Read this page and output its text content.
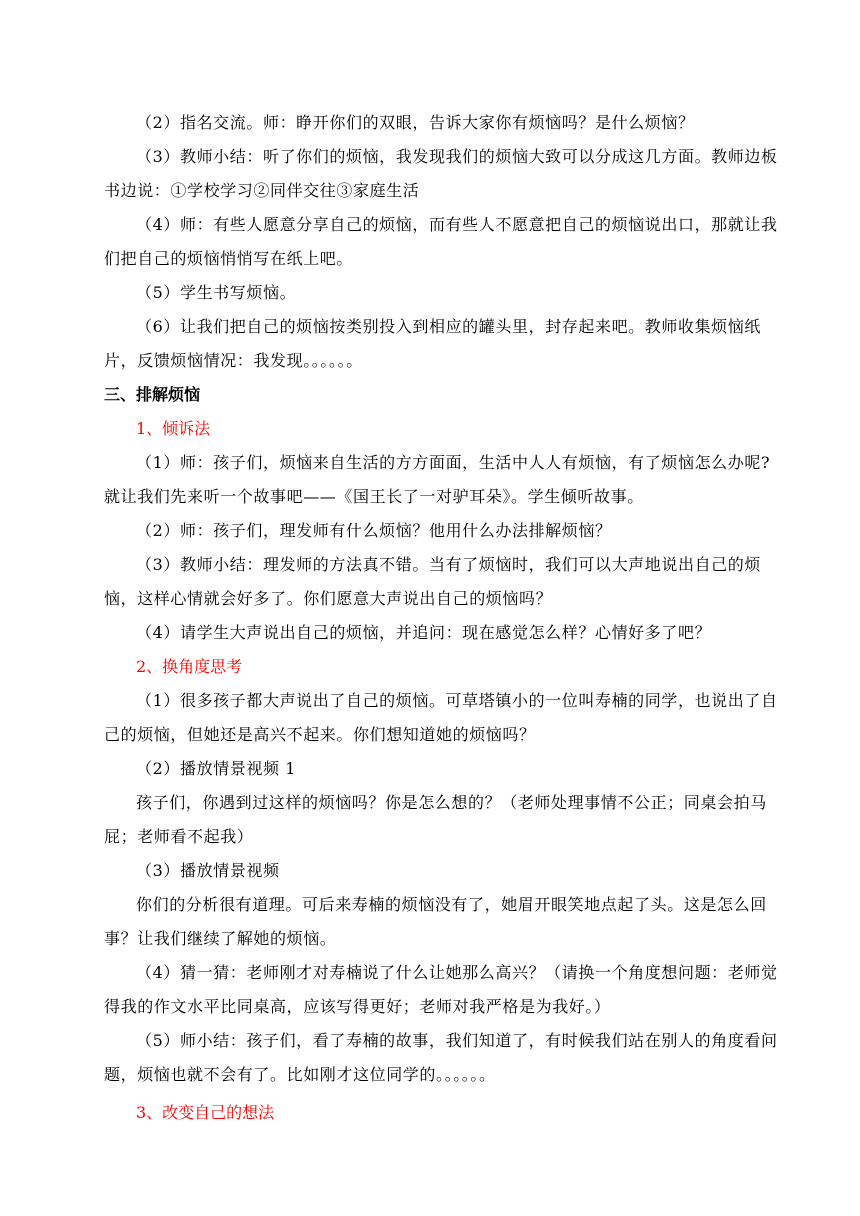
（2）指名交流。师：睁开你们的双眼，告诉大家你有烦恼吗？是什么烦恼？

（3）教师小结：听了你们的烦恼，我发现我们的烦恼大致可以分成这几方面。教师边板书边说：①学校学习②同伴交往③家庭生活

（4）师：有些人愿意分享自己的烦恼，而有些人不愿意把自己的烦恼说出口，那就让我们把自己的烦恼悄悄写在纸上吧。

（5）学生书写烦恼。

（6）让我们把自己的烦恼按类别投入到相应的罐头里，封存起来吧。教师收集烦恼纸片，反馈烦恼情况：我发现。。。。。。

三、排解烦恼

1、倾诉法

（1）师：孩子们，烦恼来自生活的方方面面，生活中人人有烦恼，有了烦恼怎么办呢?就让我们先来听一个故事吧——《国王长了一对驴耳朵》。学生倾听故事。

（2）师：孩子们，理发师有什么烦恼？他用什么办法排解烦恼？

（3）教师小结：理发师的方法真不错。当有了烦恼时，我们可以大声地说出自己的烦恼，这样心情就会好多了。你们愿意大声说出自己的烦恼吗？

（4）请学生大声说出自己的烦恼，并追问：现在感觉怎么样？心情好多了吧？

2、换角度思考

（1）很多孩子都大声说出了自己的烦恼。可草塔镇小的一位叫寿楠的同学，也说出了自己的烦恼，但她还是高兴不起来。你们想知道她的烦恼吗？

（2）播放情景视频 1

孩子们，你遇到过这样的烦恼吗？你是怎么想的？（老师处理事情不公正；同桌会拍马屁；老师看不起我）

（3）播放情景视频

你们的分析很有道理。可后来寿楠的烦恼没有了，她眉开眼笑地点起了头。这是怎么回事？让我们继续了解她的烦恼。

（4）猜一猜：老师刚才对寿楠说了什么让她那么高兴？（请换一个角度想问题：老师觉得我的作文水平比同桌高，应该写得更好；老师对我严格是为我好。）

（5）师小结：孩子们，看了寿楠的故事，我们知道了，有时候我们站在别人的角度看问题，烦恼也就不会有了。比如刚才这位同学的。。。。。。

3、改变自己的想法
